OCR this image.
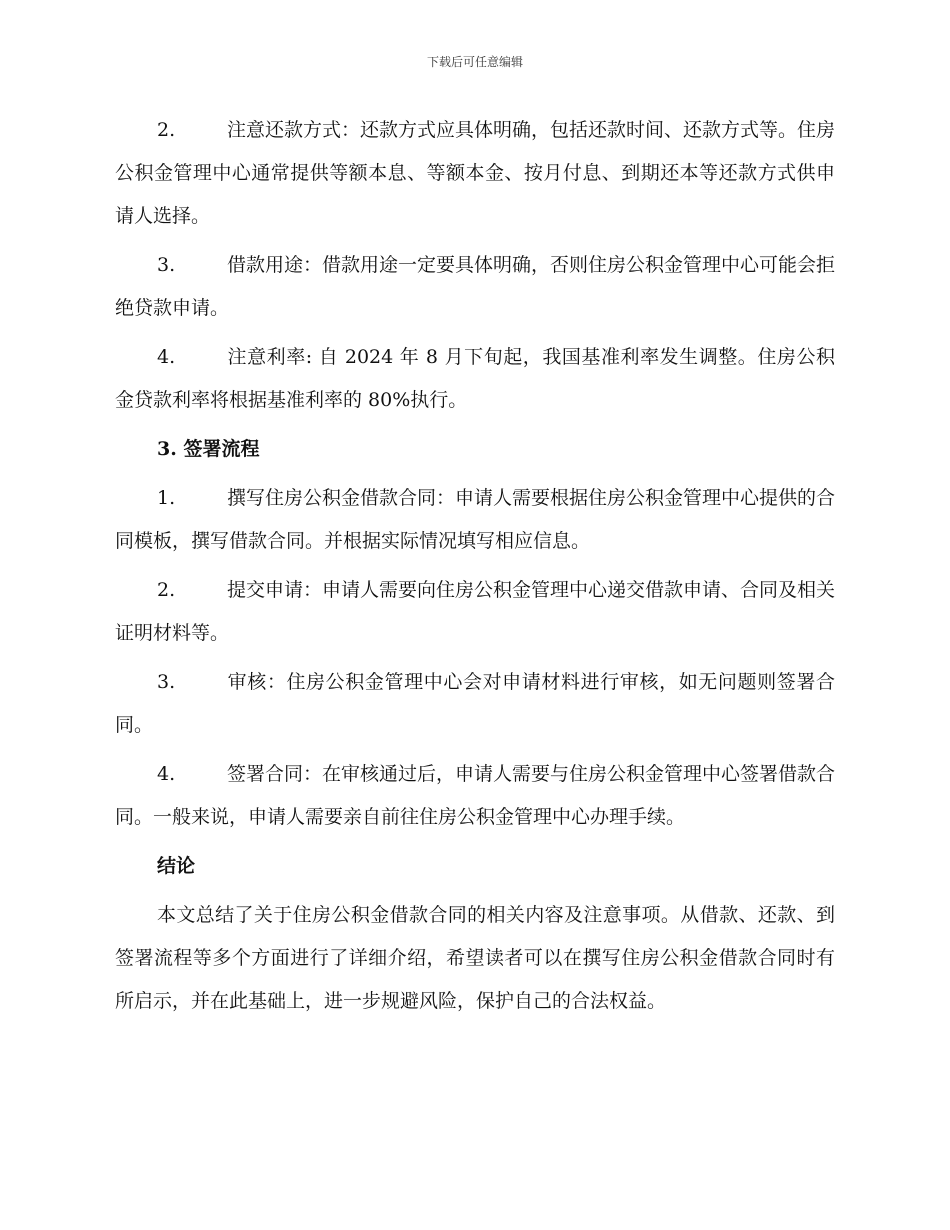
下载后可任意编辑
2.	注意还款方式：还款方式应具体明确，包括还款时间、还款方式等。住房公积金管理中心通常提供等额本息、等额本金、按月付息、到期还本等还款方式供申请人选择。
3.	借款用途：借款用途一定要具体明确，否则住房公积金管理中心可能会拒绝贷款申请。
4.	注意利率: 自 2024 年 8 月下旬起，我国基准利率发生调整。住房公积金贷款利率将根据基准利率的 80%执行。
3. 签署流程
1.	撰写住房公积金借款合同：申请人需要根据住房公积金管理中心提供的合同模板，撰写借款合同。并根据实际情况填写相应信息。
2.	提交申请：申请人需要向住房公积金管理中心递交借款申请、合同及相关证明材料等。
3.	审核：住房公积金管理中心会对申请材料进行审核，如无问题则签署合同。
4.	签署合同：在审核通过后，申请人需要与住房公积金管理中心签署借款合同。一般来说，申请人需要亲自前往住房公积金管理中心办理手续。
结论
本文总结了关于住房公积金借款合同的相关内容及注意事项。从借款、还款、到签署流程等多个方面进行了详细介绍，希望读者可以在撰写住房公积金借款合同时有所启示，并在此基础上，进一步规避风险，保护自己的合法权益。
